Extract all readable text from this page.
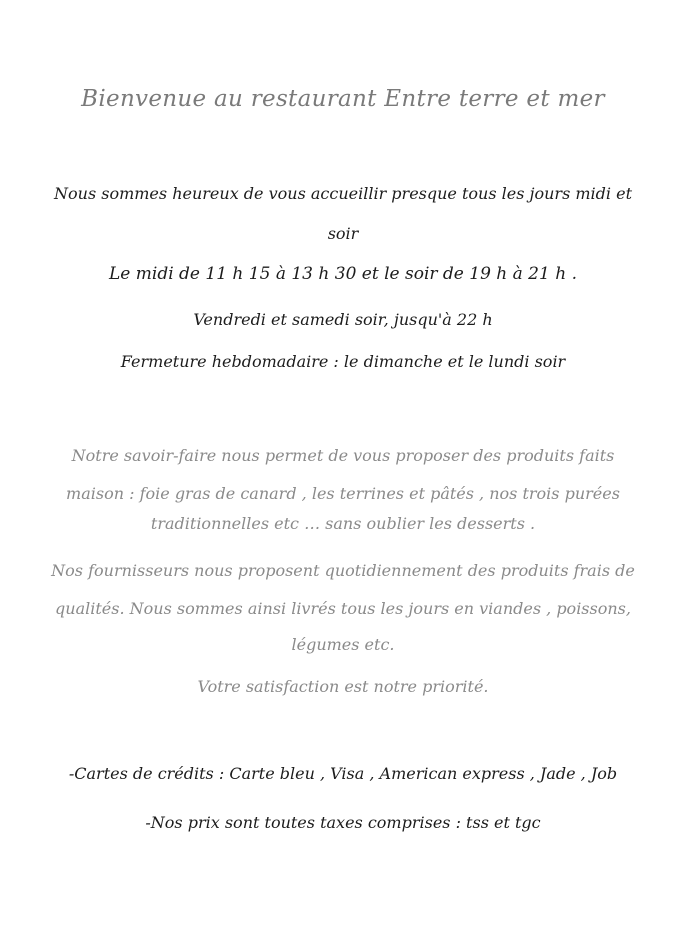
Bienvenue au restaurant Entre terre et mer
Nous sommes heureux de vous accueillir presque tous les jours midi et
soir
Le midi de 11 h 15 à 13 h 30 et le soir de 19 h à 21 h .
Vendredi et samedi soir, jusqu'à 22 h
Fermeture hebdomadaire : le dimanche et le lundi soir
Notre savoir-faire nous permet de vous proposer des produits faits
maison : foie gras de canard , les terrines et pâtés , nos trois purées
traditionnelles etc … sans oublier les desserts .
Nos fournisseurs nous proposent quotidiennement des produits frais de
qualités. Nous sommes ainsi livrés tous les jours en viandes , poissons,
légumes etc.
Votre satisfaction est notre priorité.
-Cartes de crédits : Carte bleu , Visa , American express , Jade , Job
-Nos prix sont toutes taxes comprises : tss et tgc
